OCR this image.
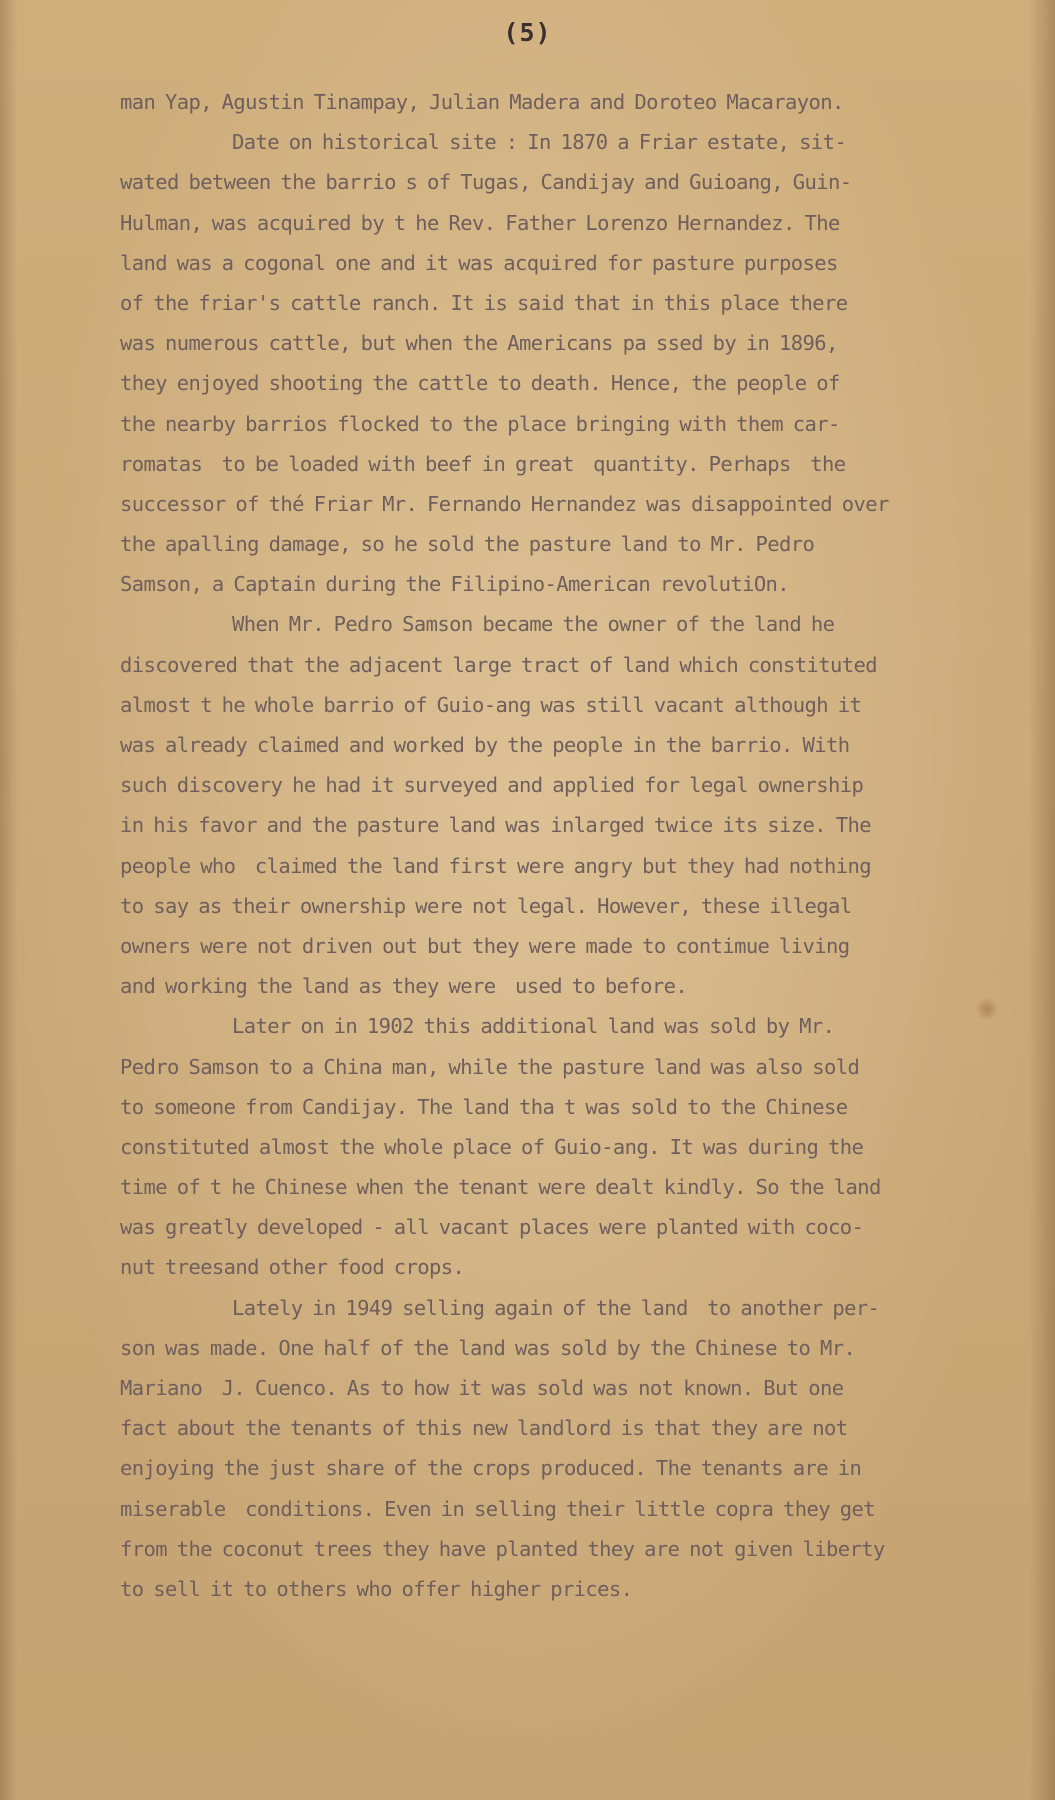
(5)
man Yap, Agustin Tinampay, Julian Madera and Doroteo Macarayon.
Date on historical site : In 1870 a Friar estate, sit-
wated between the barrio s of Tugas, Candijay and Guioang, Guin-
Hulman, was acquired by t he Rev. Father Lorenzo Hernandez. The
land was a cogonal one and it was acquired for pasture purposes
of the friar's cattle ranch. It is said that in this place there
was numerous cattle, but when the Americans pa ssed by in 1896,
they enjoyed shooting the cattle to death. Hence, the people of
the nearby barrios flocked to the place bringing with them car-
romatas  to be loaded with beef in great  quantity. Perhaps  the
successor of thé Friar Mr. Fernando Hernandez was disappointed over
the apalling damage, so he sold the pasture land to Mr. Pedro
Samson, a Captain during the Filipino-American revolutiOn.
When Mr. Pedro Samson became the owner of the land he
discovered that the adjacent large tract of land which constituted
almost t he whole barrio of Guio-ang was still vacant although it
was already claimed and worked by the people in the barrio. With
such discovery he had it surveyed and applied for legal ownership
in his favor and the pasture land was inlarged twice its size. The
people who  claimed the land first were angry but they had nothing
to say as their ownership were not legal. However, these illegal
owners were not driven out but they were made to contimue living
and working the land as they were  used to before.
Later on in 1902 this additional land was sold by Mr.
Pedro Samson to a China man, while the pasture land was also sold
to someone from Candijay. The land tha t was sold to the Chinese
constituted almost the whole place of Guio-ang. It was during the
time of t he Chinese when the tenant were dealt kindly. So the land
was greatly developed - all vacant places were planted with coco-
nut treesand other food crops.
Lately in 1949 selling again of the land  to another per-
son was made. One half of the land was sold by the Chinese to Mr.
Mariano  J. Cuenco. As to how it was sold was not known. But one
fact about the tenants of this new landlord is that they are not
enjoying the just share of the crops produced. The tenants are in
miserable  conditions. Even in selling their little copra they get
from the coconut trees they have planted they are not given liberty
to sell it to others who offer higher prices.
